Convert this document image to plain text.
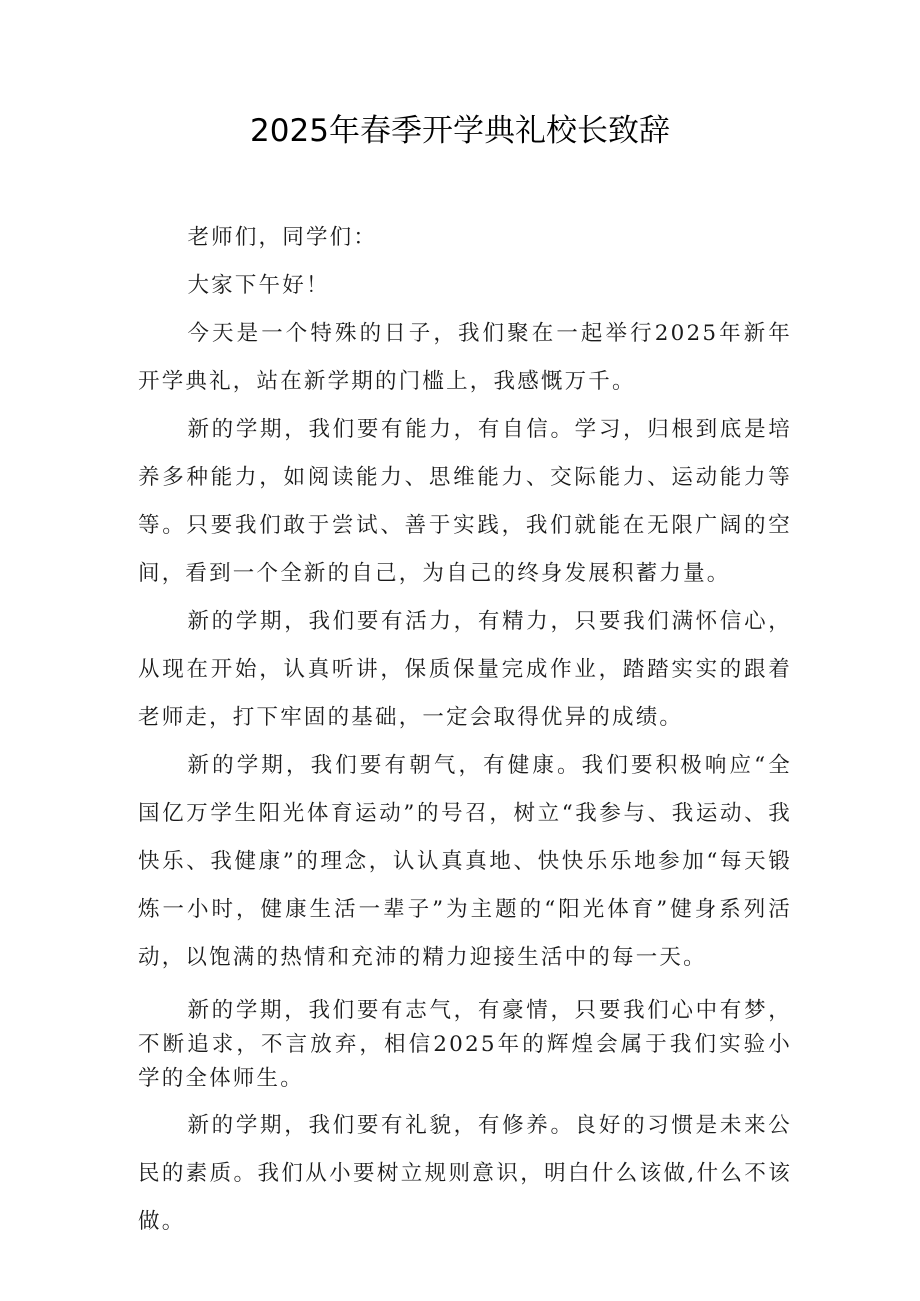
2025年春季开学典礼校长致辞

老师们，同学们：

大家下午好！

今天是一个特殊的日子，我们聚在一起举行2025年新年开学典礼，站在新学期的门槛上，我感慨万千。

新的学期，我们要有能力，有自信。学习，归根到底是培养多种能力，如阅读能力、思维能力、交际能力、运动能力等等。只要我们敢于尝试、善于实践，我们就能在无限广阔的空间，看到一个全新的自己，为自己的终身发展积蓄力量。

新的学期，我们要有活力，有精力，只要我们满怀信心，从现在开始，认真听讲，保质保量完成作业，踏踏实实的跟着老师走，打下牢固的基础，一定会取得优异的成绩。

新的学期，我们要有朝气，有健康。我们要积极响应“全国亿万学生阳光体育运动”的号召，树立“我参与、我运动、我快乐、我健康”的理念，认认真真地、快快乐乐地参加“每天锻炼一小时，健康生活一辈子”为主题的“阳光体育”健身系列活动，以饱满的热情和充沛的精力迎接生活中的每一天。

新的学期，我们要有志气，有豪情，只要我们心中有梦，不断追求，不言放弃，相信2025年的辉煌会属于我们实验小学的全体师生。

新的学期，我们要有礼貌，有修养。良好的习惯是未来公民的素质。我们从小要树立规则意识，明白什么该做,什么不该做。
